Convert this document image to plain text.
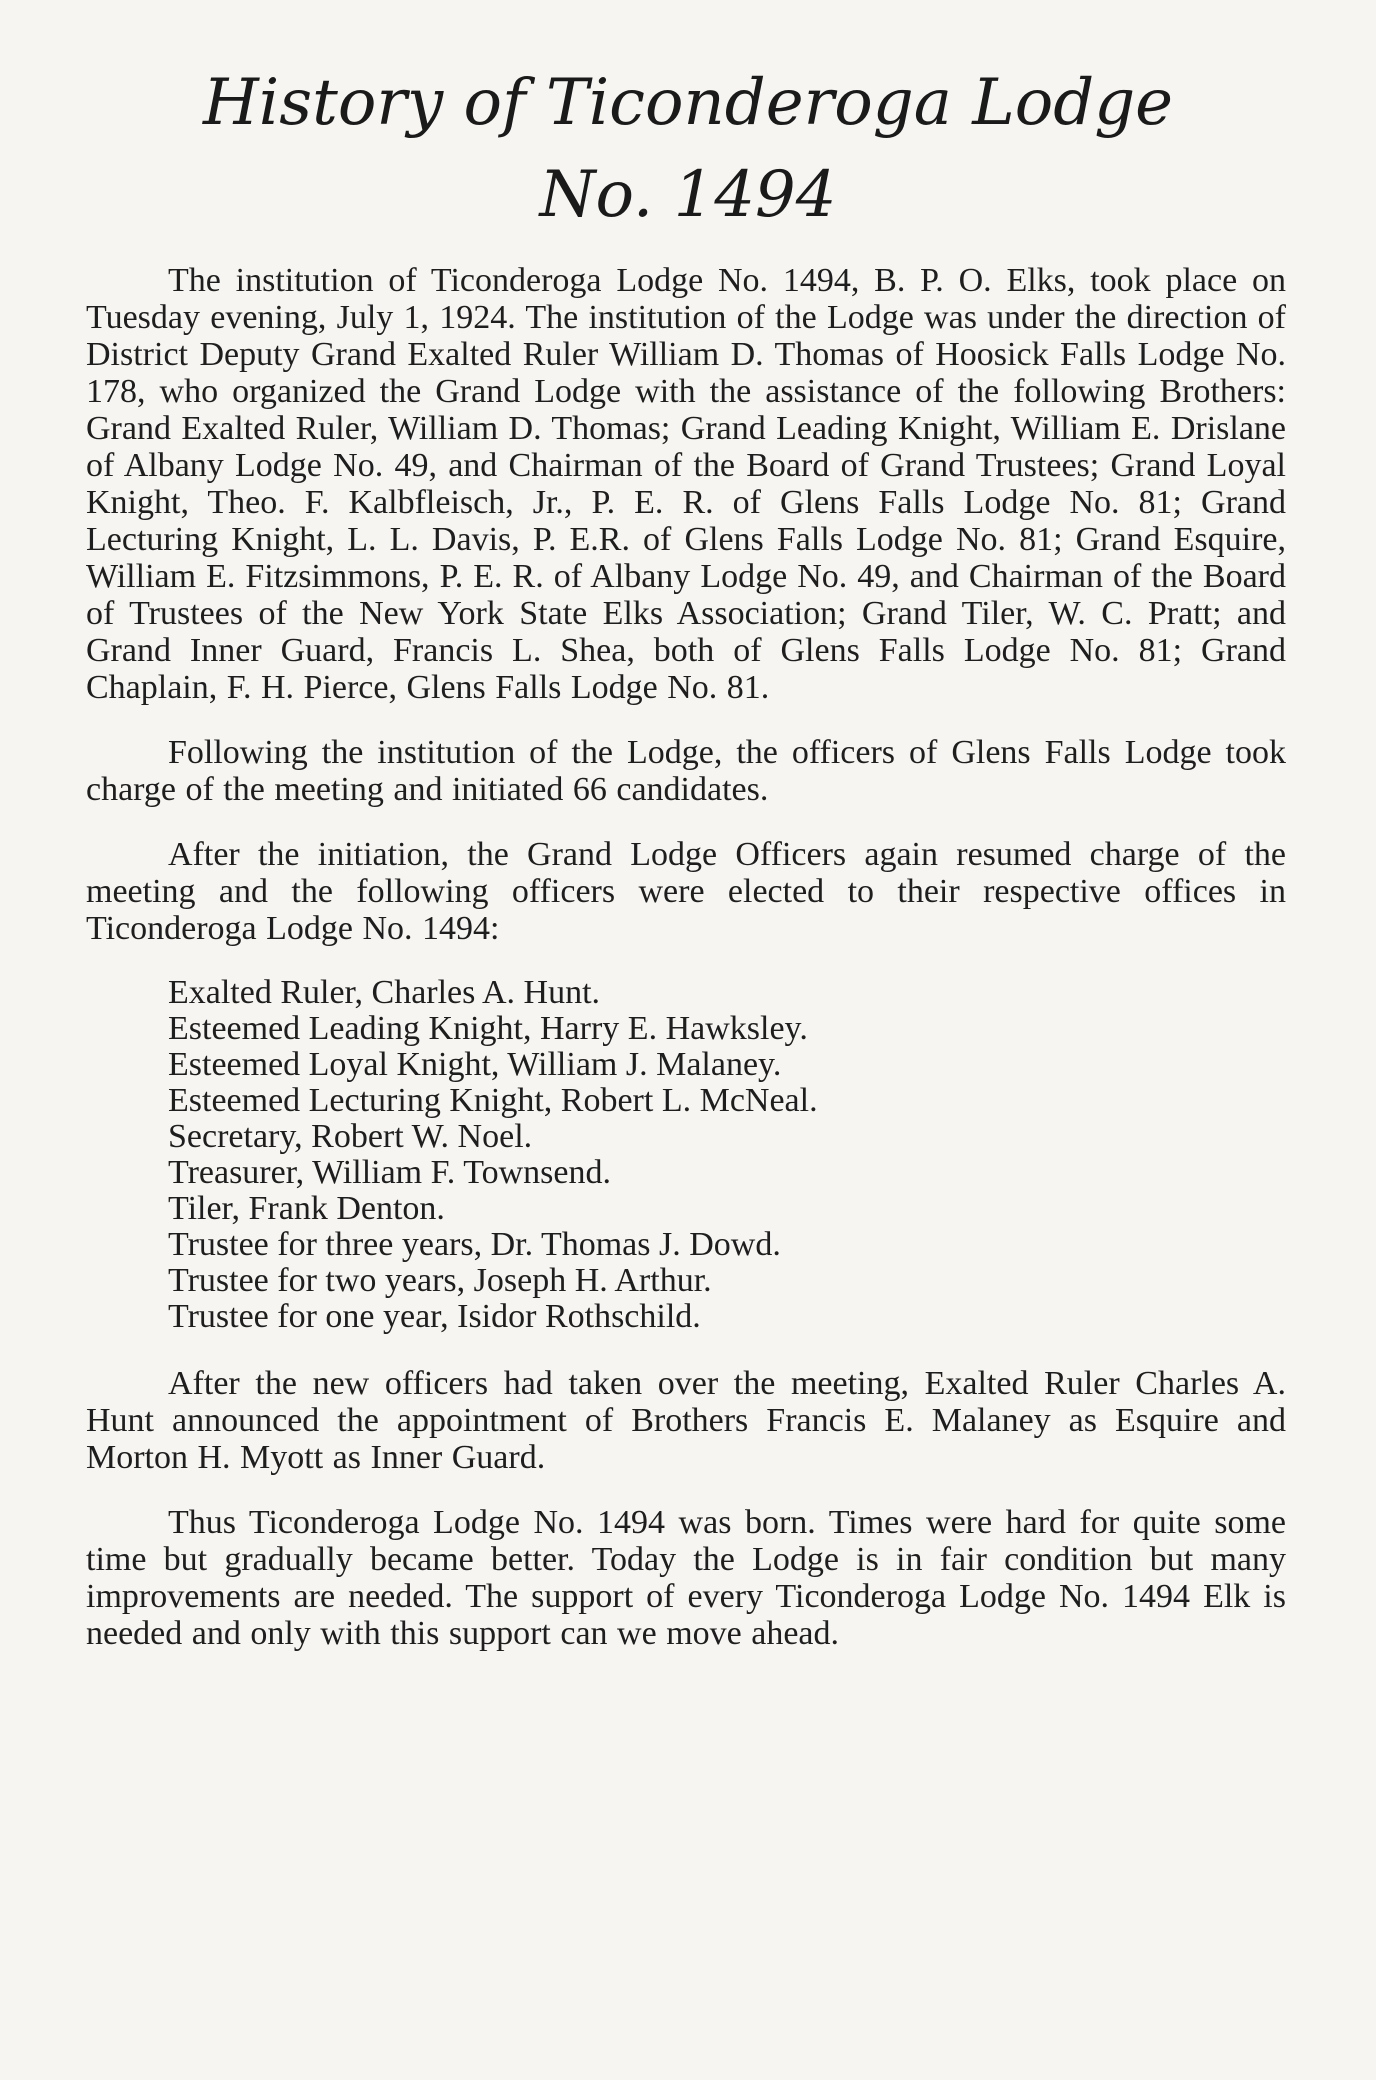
History of Ticonderoga Lodge
No. 1494

The institution of Ticonderoga Lodge No. 1494, B. P. O. Elks, took place on Tuesday evening, July 1, 1924. The institution of the Lodge was under the direction of District Deputy Grand Exalted Ruler William D. Thomas of Hoosick Falls Lodge No. 178, who organized the Grand Lodge with the assistance of the following Brothers: Grand Exalted Ruler, William D. Thomas; Grand Leading Knight, William E. Drislane of Albany Lodge No. 49, and Chairman of the Board of Grand Trustees; Grand Loyal Knight, Theo. F. Kalbfleisch, Jr., P. E. R. of Glens Falls Lodge No. 81; Grand Lecturing Knight, L. L. Davis, P. E.R. of Glens Falls Lodge No. 81; Grand Esquire, William E. Fitzsimmons, P. E. R. of Albany Lodge No. 49, and Chairman of the Board of Trustees of the New York State Elks Association; Grand Tiler, W. C. Pratt; and Grand Inner Guard, Francis L. Shea, both of Glens Falls Lodge No. 81; Grand Chaplain, F. H. Pierce, Glens Falls Lodge No. 81.

Following the institution of the Lodge, the officers of Glens Falls Lodge took charge of the meeting and initiated 66 candidates.

After the initiation, the Grand Lodge Officers again resumed charge of the meeting and the following officers were elected to their respective offices in Ticonderoga Lodge No. 1494:

Exalted Ruler, Charles A. Hunt.
Esteemed Leading Knight, Harry E. Hawksley.
Esteemed Loyal Knight, William J. Malaney.
Esteemed Lecturing Knight, Robert L. McNeal.
Secretary, Robert W. Noel.
Treasurer, William F. Townsend.
Tiler, Frank Denton.
Trustee for three years, Dr. Thomas J. Dowd.
Trustee for two years, Joseph H. Arthur.
Trustee for one year, Isidor Rothschild.

After the new officers had taken over the meeting, Exalted Ruler Charles A. Hunt announced the appointment of Brothers Francis E. Malaney as Esquire and Morton H. Myott as Inner Guard.

Thus Ticonderoga Lodge No. 1494 was born. Times were hard for quite some time but gradually became better. Today the Lodge is in fair condition but many improvements are needed. The support of every Ticonderoga Lodge No. 1494 Elk is needed and only with this support can we move ahead.
